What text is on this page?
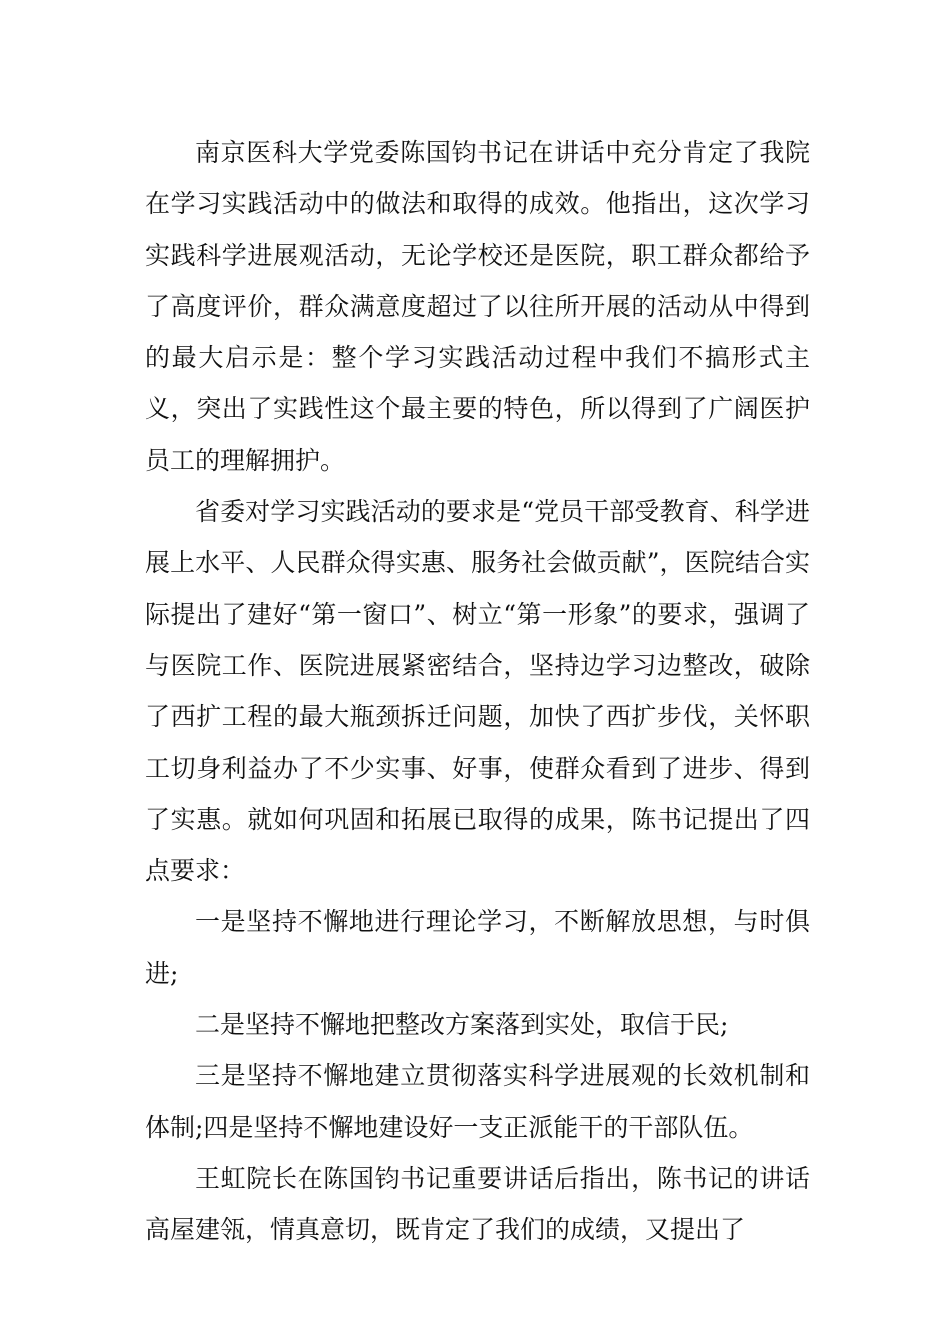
南京医科大学党委陈国钧书记在讲话中充分肯定了我院在学习实践活动中的做法和取得的成效。他指出，这次学习实践科学进展观活动，无论学校还是医院，职工群众都给予了高度评价，群众满意度超过了以往所开展的活动从中得到的最大启示是：整个学习实践活动过程中我们不搞形式主义，突出了实践性这个最主要的特色，所以得到了广阔医护员工的理解拥护。

省委对学习实践活动的要求是“党员干部受教育、科学进展上水平、人民群众得实惠、服务社会做贡献”，医院结合实际提出了建好“第一窗口”、树立“第一形象”的要求，强调了与医院工作、医院进展紧密结合，坚持边学习边整改，破除了西扩工程的最大瓶颈拆迁问题，加快了西扩步伐，关怀职工切身利益办了不少实事、好事，使群众看到了进步、得到了实惠。就如何巩固和拓展已取得的成果，陈书记提出了四点要求：

一是坚持不懈地进行理论学习，不断解放思想，与时俱进;

二是坚持不懈地把整改方案落到实处，取信于民;

三是坚持不懈地建立贯彻落实科学进展观的长效机制和体制;四是坚持不懈地建设好一支正派能干的干部队伍。

王虹院长在陈国钧书记重要讲话后指出，陈书记的讲话高屋建瓴，情真意切，既肯定了我们的成绩，又提出了
